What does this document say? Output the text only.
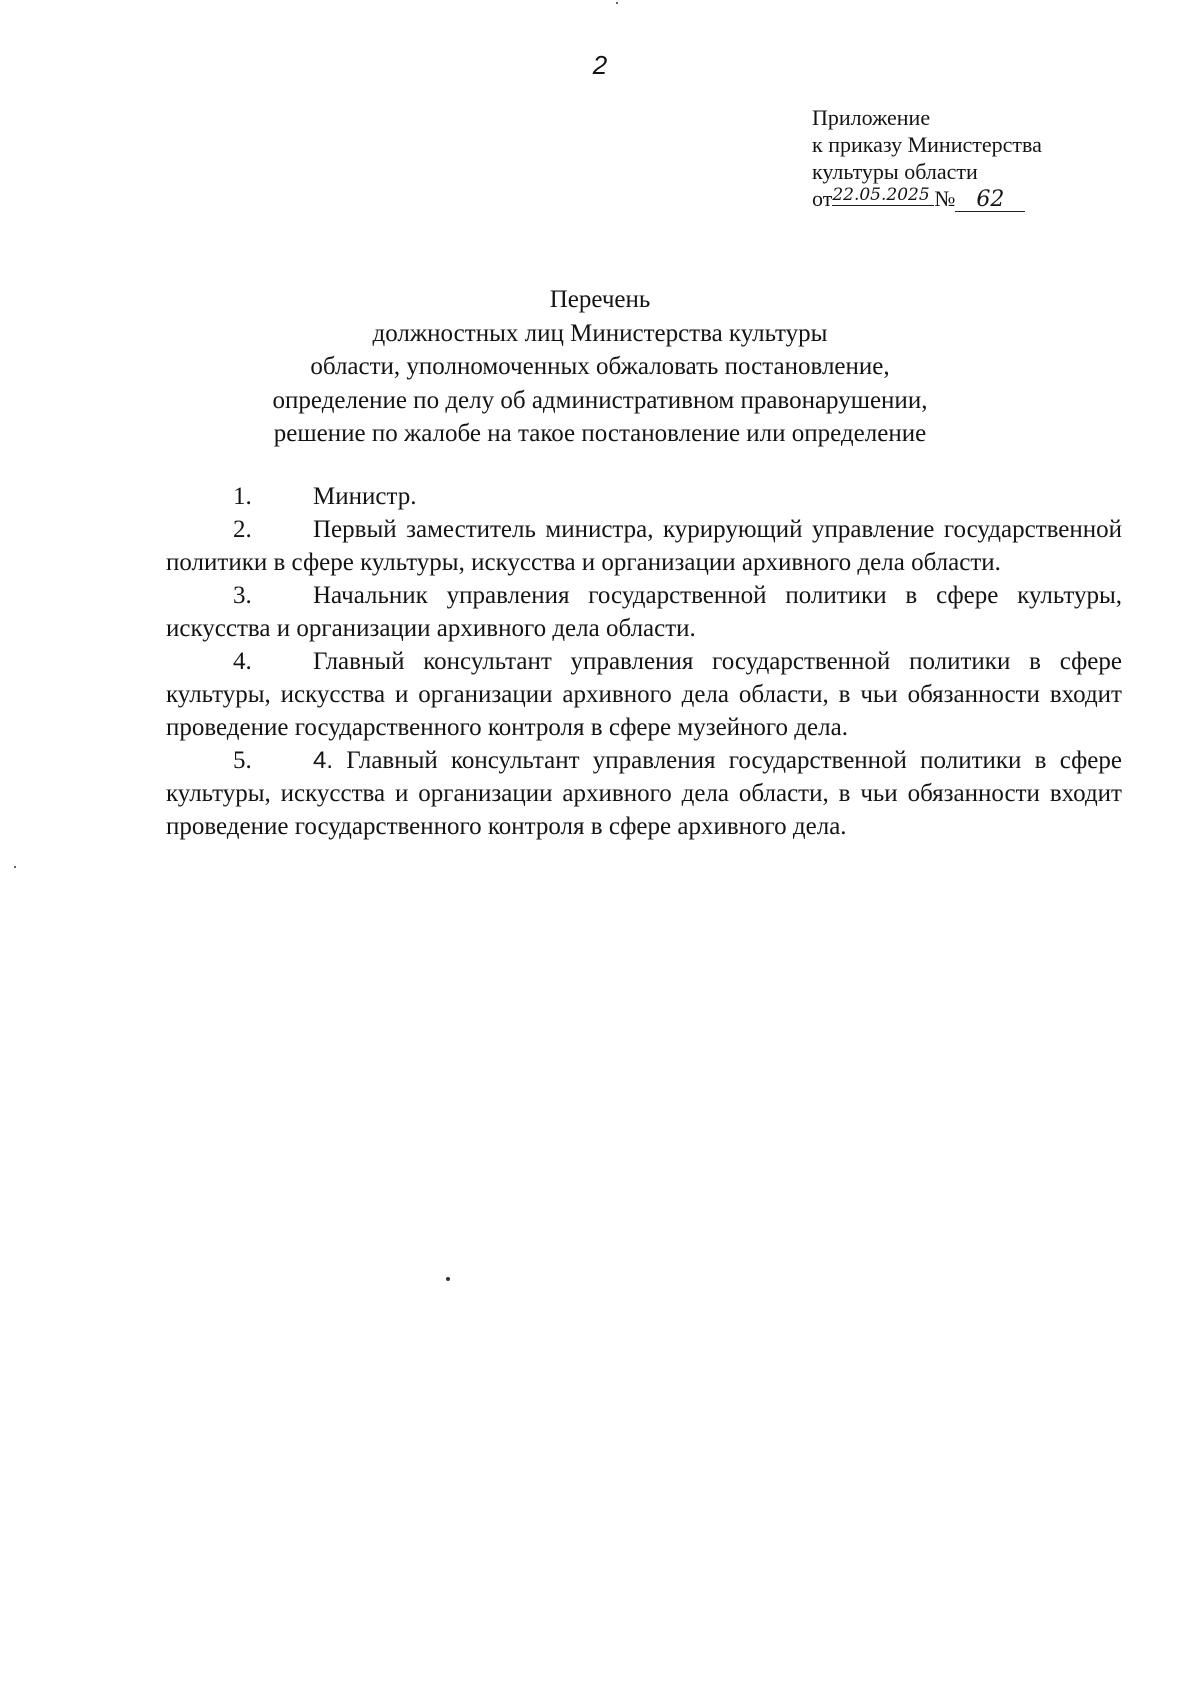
2
Приложение
к приказу Министерства
культуры области
от22.05.2025 № 62
Перечень
должностных лиц Министерства культуры
области, уполномоченных обжаловать постановление,
определение по делу об административном правонарушении,
решение по жалобе на такое постановление или определение

1. Министр.

2. Первый заместитель министра, курирующий управление государственной политики в сфере культуры, искусства и организации архивного дела области.

3. Начальник управления государственной политики в сфере культуры, искусства и организации архивного дела области.

4. Главный консультант управления государственной политики в сфере культуры, искусства и организации архивного дела области, в чьи обязанности входит проведение государственного контроля в сфере музейного дела.

5.	4. Главный консультант управления государственной политики в сфере культуры, искусства и организации архивного дела области, в чьи обязанности входит проведение государственного контроля в сфере архивного дела.
